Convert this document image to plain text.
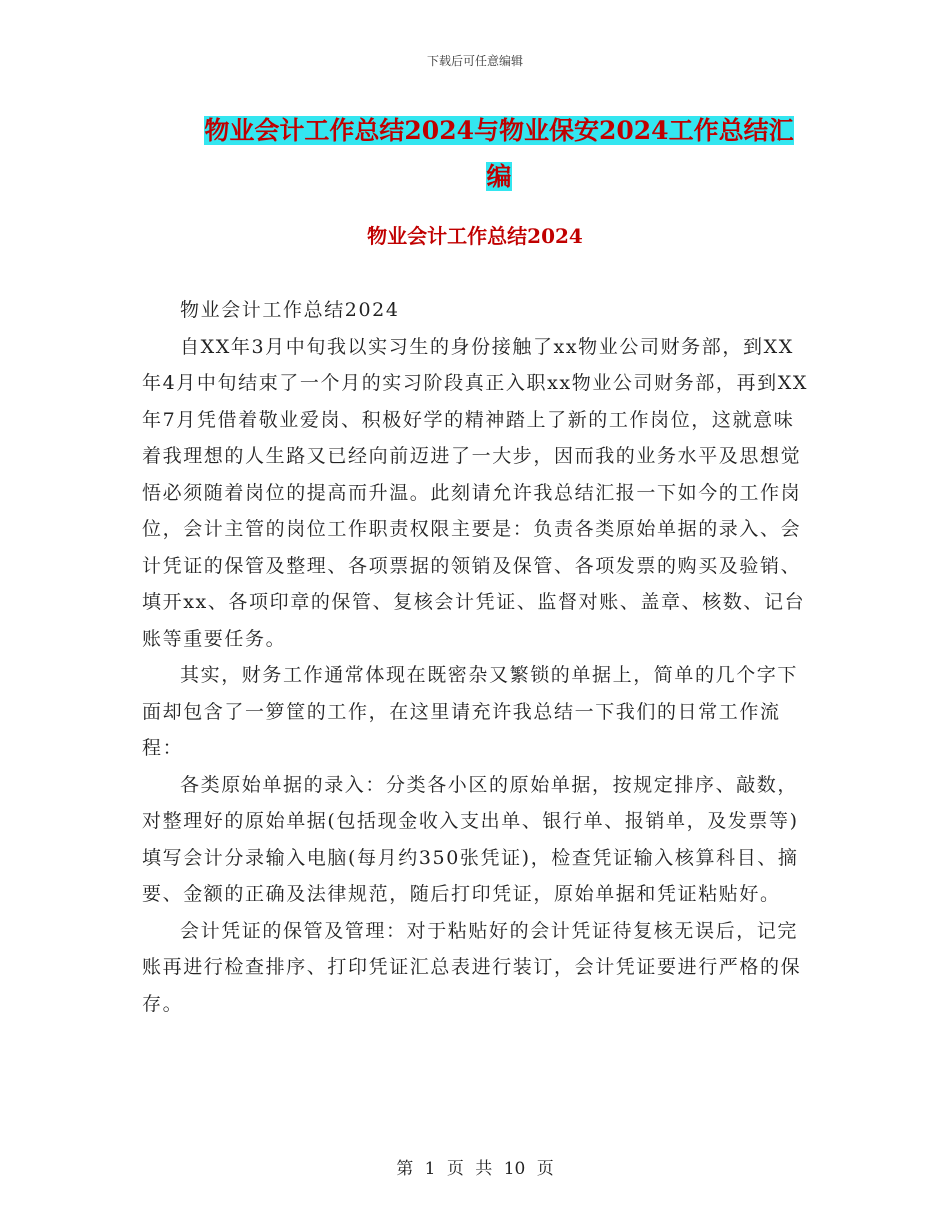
下载后可任意编辑
物业会计工作总结2024与物业保安2024工作总结汇编
物业会计工作总结2024

物业会计工作总结2024

自XX年3月中旬我以实习生的身份接触了xx物业公司财务部，到XX年4月中旬结束了一个月的实习阶段真正入职xx物业公司财务部，再到XX年7月凭借着敬业爱岗、积极好学的精神踏上了新的工作岗位，这就意味着我理想的人生路又已经向前迈进了一大步，因而我的业务水平及思想觉悟必须随着岗位的提高而升温。此刻请允许我总结汇报一下如今的工作岗位，会计主管的岗位工作职责权限主要是：负责各类原始单据的录入、会计凭证的保管及整理、各项票据的领销及保管、各项发票的购买及验销、填开xx、各项印章的保管、复核会计凭证、监督对账、盖章、核数、记台账等重要任务。

其实，财务工作通常体现在既密杂又繁锁的单据上，简单的几个字下面却包含了一箩筐的工作，在这里请充许我总结一下我们的日常工作流程：

各类原始单据的录入：分类各小区的原始单据，按规定排序、敲数，对整理好的原始单据(包括现金收入支出单、银行单、报销单，及发票等)填写会计分录输入电脑(每月约350张凭证)，检查凭证输入核算科目、摘要、金额的正确及法律规范，随后打印凭证，原始单据和凭证粘贴好。

会计凭证的保管及管理：对于粘贴好的会计凭证待复核无误后，记完账再进行检查排序、打印凭证汇总表进行装订，会计凭证要进行严格的保存。

第 1 页 共 10 页
